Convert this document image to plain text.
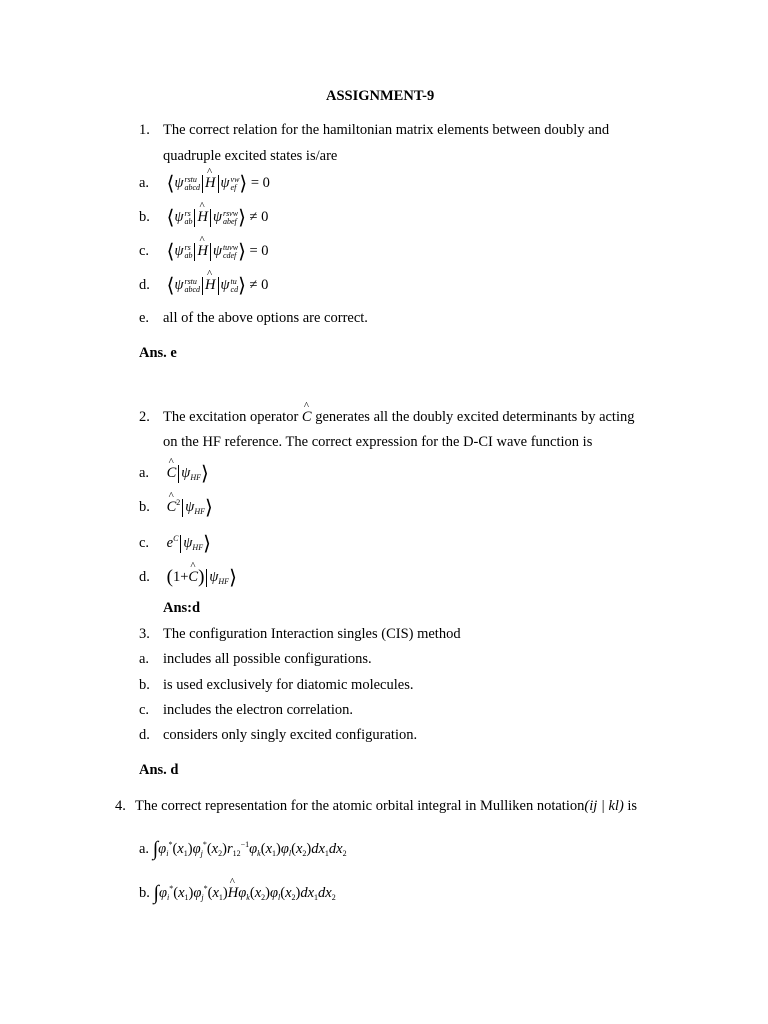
ASSIGNMENT-9
1. The correct relation for the hamiltonian matrix elements between doubly and
quadruple excited states is/are
a. ⟨ψ rstu
abcd ^ H ψ vw
ef ⟩ = 0
b. ⟨ψ rs
ab ^ H ψ rsvw
abef ⟩ ≠ 0
c. ⟨ψ rs
ab ^ H ψ tuvw
cdef ⟩ = 0
d. ⟨ψ rstu
abcd ^ H ψ tu
cd ⟩ ≠ 0
e. all of the above options are correct.
Ans. e
2. The excitation operator ^ C generates all the doubly excited determinants by acting
on the HF reference. The correct expression for the D-CI wave function is
a. ^ C $\psi_{HF}⟩$
b. ^ $C^2$ $\psi_{HF}⟩$
c. $e^C$ $\psi_{HF}⟩$
d. (1+^ C) $\psi_{HF}⟩$
Ans:d
3. The configuration Interaction singles (CIS) method
a. includes all possible configurations.
b. is used exclusively for diatomic molecules.
c. includes the electron correlation.
d. considers only singly excited configuration.
Ans. d
4. The correct representation for the atomic orbital integral in Mulliken notation(ij | kl) is
a. $\int\varphi_i^*(x_1)\varphi_j^*(x_2)r_{12}^{-1}\varphi_k(x_1)\varphi_l(x_2)dx_1dx_2$
b. $\int\varphi_i^*(x_1)\varphi_j^*(x_1)\^{}$ $H\varphi_k(x_2)\varphi_l(x_2)dx_1dx_2$
